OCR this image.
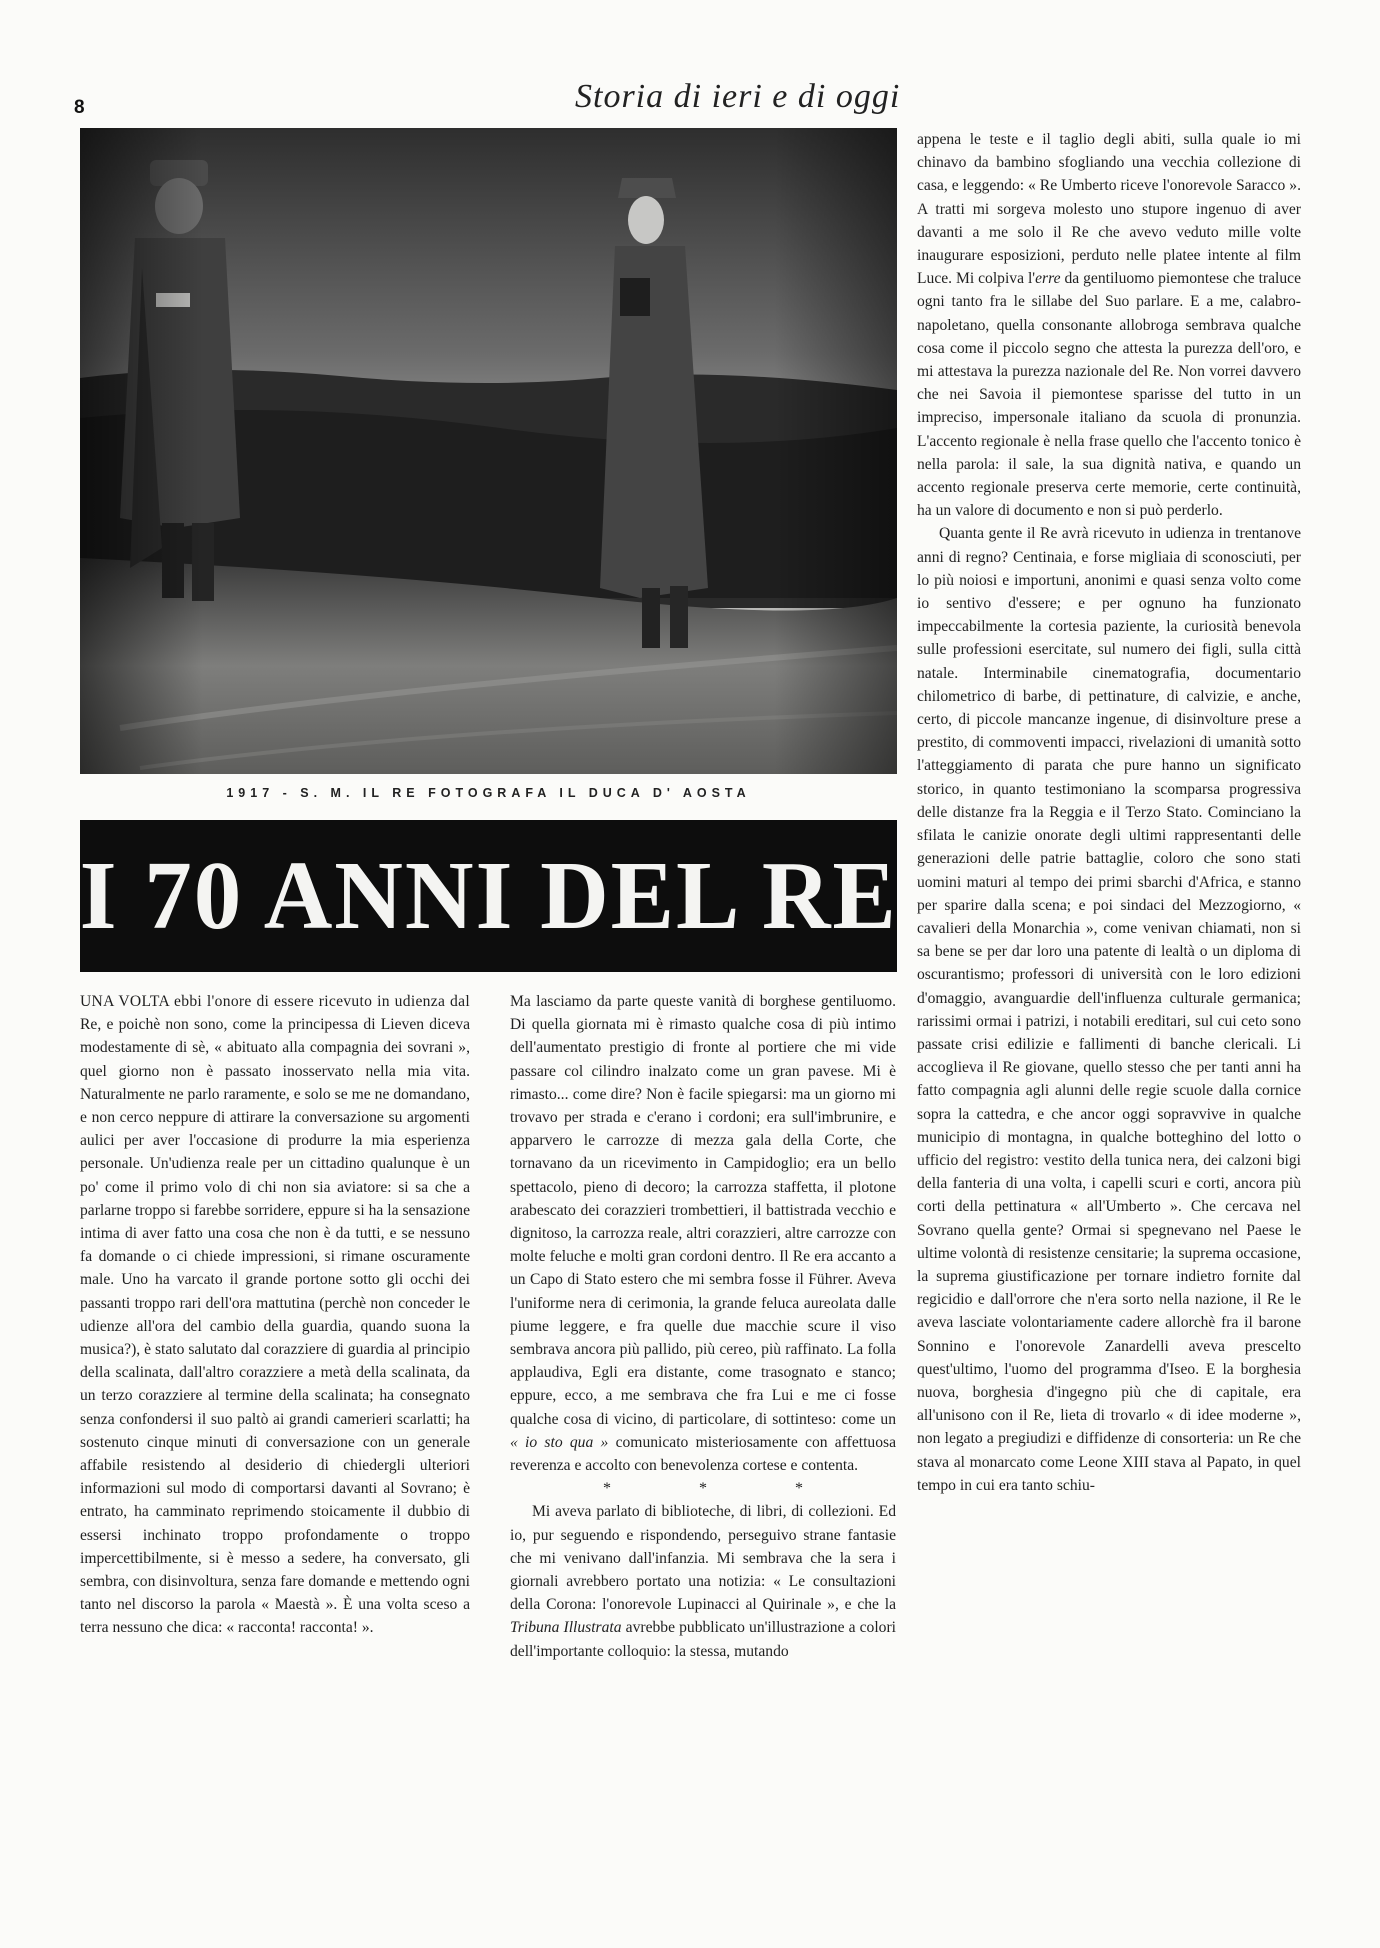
8	Storia di ieri e di oggi
1917 - S. M. IL RE FOTOGRAFA IL DUCA D' AOSTA
I 70 ANNI DEL RE

UNA VOLTA ebbi l'onore di essere ricevuto in udienza dal Re, e poichè non sono, come la principessa di Lieven diceva modestamente di sè, « abituato alla compagnia dei sovrani », quel giorno non è passato inosservato nella mia vita. Naturalmente ne parlo raramente, e solo se me ne domandano, e non cerco neppure di attirare la conversazione su argomenti aulici per aver l'occasione di produrre la mia esperienza personale. Un'udienza reale per un cittadino qualunque è un po' come il primo volo di chi non sia aviatore: si sa che a parlarne troppo si farebbe sorridere, eppure si ha la sensazione intima di aver fatto una cosa che non è da tutti, e se nessuno fa domande o ci chiede impressioni, si rimane oscuramente male. Uno ha varcato il grande portone sotto gli occhi dei passanti troppo rari dell'ora mattutina (perchè non conceder le udienze all'ora del cambio della guardia, quando suona la musica?), è stato salutato dal corazziere di guardia al principio della scalinata, dall'altro corazziere a metà della scalinata, da un terzo corazziere al termine della scalinata; ha consegnato senza confondersi il suo paltò ai grandi camerieri scarlatti; ha sostenuto cinque minuti di conversazione con un generale affabile resistendo al desiderio di chiedergli ulteriori informazioni sul modo di comportarsi davanti al Sovrano; è entrato, ha camminato reprimendo stoicamente il dubbio di essersi inchinato troppo profondamente o troppo impercettibilmente, si è messo a sedere, ha conversato, gli sembra, con disinvoltura, senza fare domande e mettendo ogni tanto nel discorso la parola « Maestà ». È una volta sceso a terra nessuno che dica: « racconta! racconta! ».

Ma lasciamo da parte queste vanità di borghese gentiluomo. Di quella giornata mi è rimasto qualche cosa di più intimo dell'aumentato prestigio di fronte al portiere che mi vide passare col cilindro inalzato come un gran pavese. Mi è rimasto... come dire? Non è facile spiegarsi: ma un giorno mi trovavo per strada e c'erano i cordoni; era sull'imbrunire, e apparvero le carrozze di mezza gala della Corte, che tornavano da un ricevimento in Campidoglio; era un bello spettacolo, pieno di decoro; la carrozza staffetta, il plotone arabescato dei corazzieri trombettieri, il battistrada vecchio e dignitoso, la carrozza reale, altri corazzieri, altre carrozze con molte feluche e molti gran cordoni dentro. Il Re era accanto a un Capo di Stato estero che mi sembra fosse il Führer. Aveva l'uniforme nera di cerimonia, la grande feluca aureolata dalle piume leggere, e fra quelle due macchie scure il viso sembrava ancora più pallido, più cereo, più raffinato. La folla applaudiva, Egli era distante, come trasognato e stanco; eppure, ecco, a me sembrava che fra Lui e me ci fosse qualche cosa di vicino, di particolare, di sottinteso: come un « io sto qua » comunicato misteriosamente con affettuosa reverenza e accolto con benevolenza cortese e contenta.

*	*	*

Mi aveva parlato di biblioteche, di libri, di collezioni. Ed io, pur seguendo e rispondendo, perseguivo strane fantasie che mi venivano dall'infanzia. Mi sembrava che la sera i giornali avrebbero portato una notizia: « Le consultazioni della Corona: l'onorevole Lupinacci al Quirinale », e che la Tribuna Illustrata avrebbe pubblicato un'illustrazione a colori dell'importante colloquio: la stessa, mutando

appena le teste e il taglio degli abiti, sulla quale io mi chinavo da bambino sfogliando una vecchia collezione di casa, e leggendo: « Re Umberto riceve l'onorevole Saracco ». A tratti mi sorgeva molesto uno stupore ingenuo di aver davanti a me solo il Re che avevo veduto mille volte inaugurare esposizioni, perduto nelle platee intente al film Luce. Mi colpiva l'erre da gentiluomo piemontese che traluce ogni tanto fra le sillabe del Suo parlare. E a me, calabro-napoletano, quella consonante allobroga sembrava qualche cosa come il piccolo segno che attesta la purezza dell'oro, e mi attestava la purezza nazionale del Re. Non vorrei davvero che nei Savoia il piemontese sparisse del tutto in un impreciso, impersonale italiano da scuola di pronunzia. L'accento regionale è nella frase quello che l'accento tonico è nella parola: il sale, la sua dignità nativa, e quando un accento regionale preserva certe memorie, certe continuità, ha un valore di documento e non si può perderlo.

Quanta gente il Re avrà ricevuto in udienza in trentanove anni di regno? Centinaia, e forse migliaia di sconosciuti, per lo più noiosi e importuni, anonimi e quasi senza volto come io sentivo d'essere; e per ognuno ha funzionato impeccabilmente la cortesia paziente, la curiosità benevola sulle professioni esercitate, sul numero dei figli, sulla città natale. Interminabile cinematografia, documentario chilometrico di barbe, di pettinature, di calvizie, e anche, certo, di piccole mancanze ingenue, di disinvolture prese a prestito, di commoventi impacci, rivelazioni di umanità sotto l'atteggiamento di parata che pure hanno un significato storico, in quanto testimoniano la scomparsa progressiva delle distanze fra la Reggia e il Terzo Stato. Cominciano la sfilata le canizie onorate degli ultimi rappresentanti delle generazioni delle patrie battaglie, coloro che sono stati uomini maturi al tempo dei primi sbarchi d'Africa, e stanno per sparire dalla scena; e poi sindaci del Mezzogiorno, « cavalieri della Monarchia », come venivan chiamati, non si sa bene se per dar loro una patente di lealtà o un diploma di oscurantismo; professori di università con le loro edizioni d'omaggio, avanguardie dell'influenza culturale germanica; rarissimi ormai i patrizi, i notabili ereditari, sul cui ceto sono passate crisi edilizie e fallimenti di banche clericali. Li accoglieva il Re giovane, quello stesso che per tanti anni ha fatto compagnia agli alunni delle regie scuole dalla cornice sopra la cattedra, e che ancor oggi sopravvive in qualche municipio di montagna, in qualche botteghino del lotto o ufficio del registro: vestito della tunica nera, dei calzoni bigi della fanteria di una volta, i capelli scuri e corti, ancora più corti della pettinatura « all'Umberto ». Che cercava nel Sovrano quella gente? Ormai si spegnevano nel Paese le ultime volontà di resistenze censitarie; la suprema occasione, la suprema giustificazione per tornare indietro fornite dal regicidio e dall'orrore che n'era sorto nella nazione, il Re le aveva lasciate volontariamente cadere allorchè fra il barone Sonnino e l'onorevole Zanardelli aveva prescelto quest'ultimo, l'uomo del programma d'Iseo. E la borghesia nuova, borghesia d'ingegno più che di capitale, era all'unisono con il Re, lieta di trovarlo « di idee moderne », non legato a pregiudizi e diffidenze di consorteria: un Re che stava al monarcato come Leone XIII stava al Papato, in quel tempo in cui era tanto schiu-
